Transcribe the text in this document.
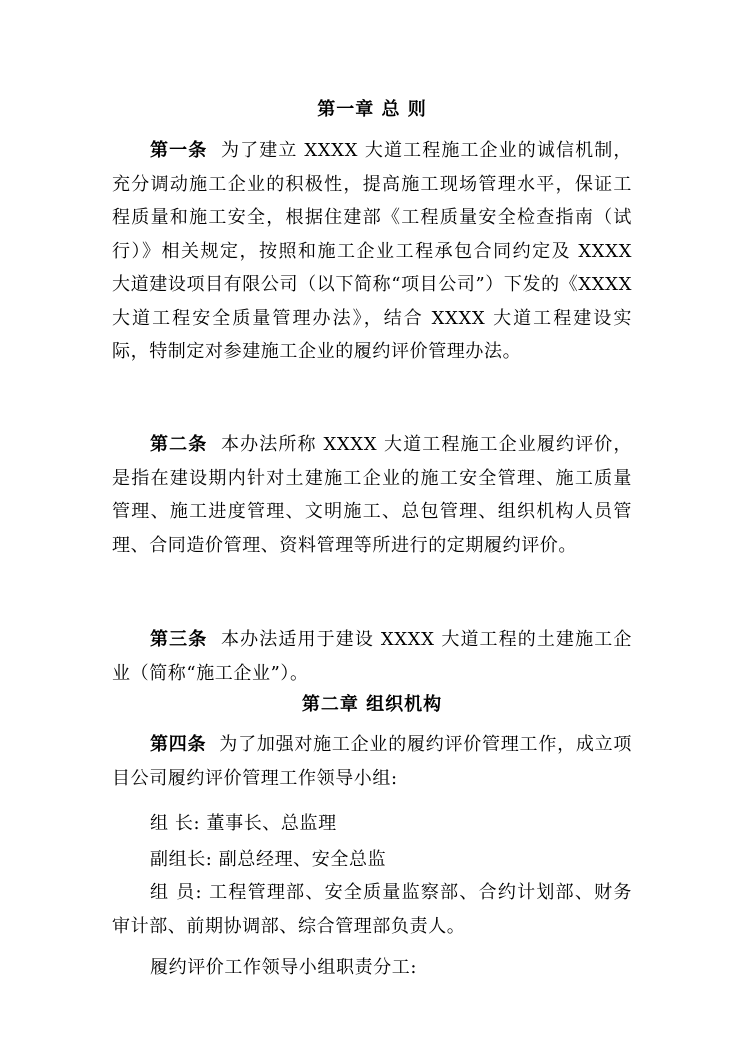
第一章 总 则
第一条 为了建立 XXXX 大道工程施工企业的诚信机制，充分调动施工企业的积极性，提高施工现场管理水平，保证工程质量和施工安全，根据住建部《工程质量安全检查指南（试行）》相关规定，按照和施工企业工程承包合同约定及 XXXX 大道建设项目有限公司（以下简称“项目公司”）下发的《XXXX 大道工程安全质量管理办法》，结合 XXXX 大道工程建设实际，特制定对参建施工企业的履约评价管理办法。
第二条 本办法所称 XXXX 大道工程施工企业履约评价，是指在建设期内针对土建施工企业的施工安全管理、施工质量管理、施工进度管理、文明施工、总包管理、组织机构人员管理、合同造价管理、资料管理等所进行的定期履约评价。
第三条 本办法适用于建设 XXXX 大道工程的土建施工企业（简称“施工企业”）。
第二章 组织机构
第四条 为了加强对施工企业的履约评价管理工作，成立项目公司履约评价管理工作领导小组:
组 长: 董事长、总监理
副组长: 副总经理、安全总监
组 员: 工程管理部、安全质量监察部、合约计划部、财务审计部、前期协调部、综合管理部负责人。
履约评价工作领导小组职责分工:
